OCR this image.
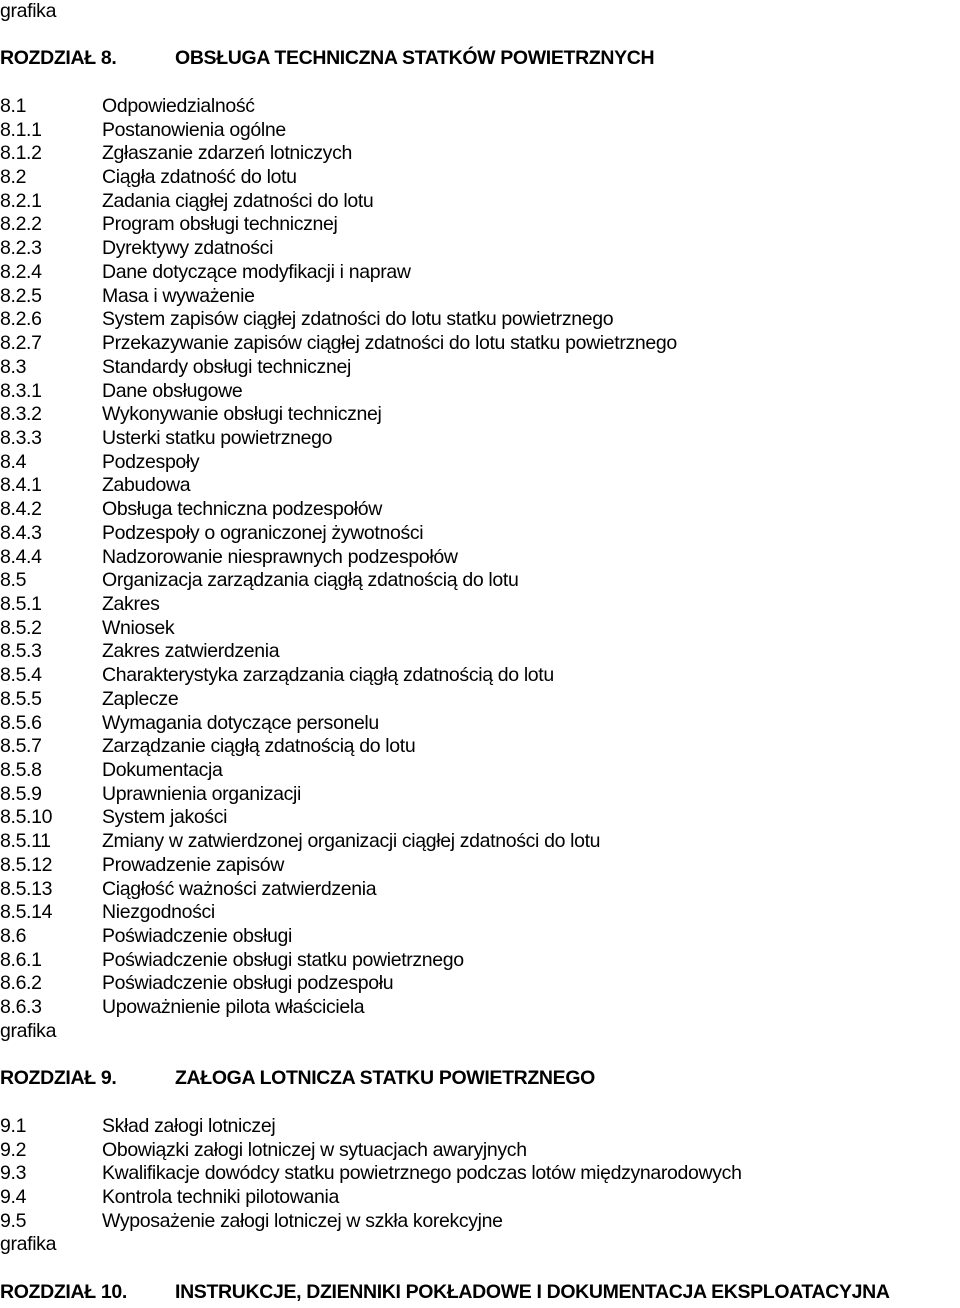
grafika
ROZDZIAŁ 8.	OBSŁUGA TECHNICZNA STATKÓW POWIETRZNYCH
8.1	Odpowiedzialność
8.1.1	Postanowienia ogólne
8.1.2	Zgłaszanie zdarzeń lotniczych
8.2	Ciągła zdatność do lotu
8.2.1	Zadania ciągłej zdatności do lotu
8.2.2	Program obsługi technicznej
8.2.3	Dyrektywy zdatności
8.2.4	Dane dotyczące modyfikacji i napraw
8.2.5	Masa i wyważenie
8.2.6	System zapisów ciągłej zdatności do lotu statku powietrznego
8.2.7	Przekazywanie zapisów ciągłej zdatności do lotu statku powietrznego
8.3	Standardy obsługi technicznej
8.3.1	Dane obsługowe
8.3.2	Wykonywanie obsługi technicznej
8.3.3	Usterki statku powietrznego
8.4	Podzespoły
8.4.1	Zabudowa
8.4.2	Obsługa techniczna podzespołów
8.4.3	Podzespoły o ograniczonej żywotności
8.4.4	Nadzorowanie niesprawnych podzespołów
8.5	Organizacja zarządzania ciągłą zdatnością do lotu
8.5.1	Zakres
8.5.2	Wniosek
8.5.3	Zakres zatwierdzenia
8.5.4	Charakterystyka zarządzania ciągłą zdatnością do lotu
8.5.5	Zaplecze
8.5.6	Wymagania dotyczące personelu
8.5.7	Zarządzanie ciągłą zdatnością do lotu
8.5.8	Dokumentacja
8.5.9	Uprawnienia organizacji
8.5.10	System jakości
8.5.11	Zmiany w zatwierdzonej organizacji ciągłej zdatności do lotu
8.5.12	Prowadzenie zapisów
8.5.13	Ciągłość ważności zatwierdzenia
8.5.14	Niezgodności
8.6	Poświadczenie obsługi
8.6.1	Poświadczenie obsługi statku powietrznego
8.6.2	Poświadczenie obsługi podzespołu
8.6.3	Upoważnienie pilota właściciela
grafika
ROZDZIAŁ 9.	ZAŁOGA LOTNICZA STATKU POWIETRZNEGO
9.1	Skład załogi lotniczej
9.2	Obowiązki załogi lotniczej w sytuacjach awaryjnych
9.3	Kwalifikacje dowódcy statku powietrznego podczas lotów międzynarodowych
9.4	Kontrola techniki pilotowania
9.5	Wyposażenie załogi lotniczej w szkła korekcyjne
grafika
ROZDZIAŁ 10.	INSTRUKCJE, DZIENNIKI POKŁADOWE I DOKUMENTACJA EKSPLOATACYJNA
